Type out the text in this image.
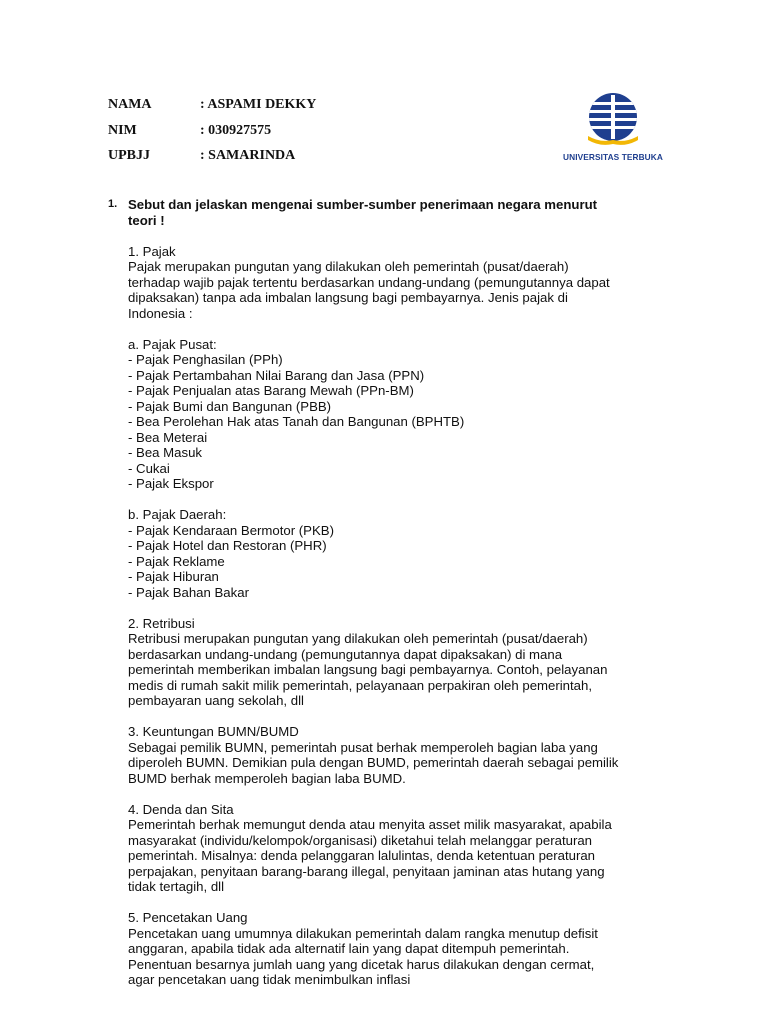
NAMA	: ASPAMI DEKKY
NIM	: 030927575
UPBJJ	: SAMARINDA	UNIVERSITAS TERBUKA
1. Sebut dan jelaskan mengenai sumber-sumber penerimaan negara menurut
teori !
1. Pajak
Pajak merupakan pungutan yang dilakukan oleh pemerintah (pusat/daerah)
terhadap wajib pajak tertentu berdasarkan undang-undang (pemungutannya dapat
dipaksakan) tanpa ada imbalan langsung bagi pembayarnya. Jenis pajak di
Indonesia :
a. Pajak Pusat:
- Pajak Penghasilan (PPh)
- Pajak Pertambahan Nilai Barang dan Jasa (PPN)
- Pajak Penjualan atas Barang Mewah (PPn-BM)
- Pajak Bumi dan Bangunan (PBB)
- Bea Perolehan Hak atas Tanah dan Bangunan (BPHTB)
- Bea Meterai
- Bea Masuk
- Cukai
- Pajak Ekspor
b. Pajak Daerah:
- Pajak Kendaraan Bermotor (PKB)
- Pajak Hotel dan Restoran (PHR)
- Pajak Reklame
- Pajak Hiburan
- Pajak Bahan Bakar
2. Retribusi
Retribusi merupakan pungutan yang dilakukan oleh pemerintah (pusat/daerah)
berdasarkan undang-undang (pemungutannya dapat dipaksakan) di mana
pemerintah memberikan imbalan langsung bagi pembayarnya. Contoh, pelayanan
medis di rumah sakit milik pemerintah, pelayanaan perpakiran oleh pemerintah,
pembayaran uang sekolah, dll
3. Keuntungan BUMN/BUMD
Sebagai pemilik BUMN, pemerintah pusat berhak memperoleh bagian laba yang
diperoleh BUMN. Demikian pula dengan BUMD, pemerintah daerah sebagai pemilik
BUMD berhak memperoleh bagian laba BUMD.
4. Denda dan Sita
Pemerintah berhak memungut denda atau menyita asset milik masyarakat, apabila
masyarakat (individu/kelompok/organisasi) diketahui telah melanggar peraturan
pemerintah. Misalnya: denda pelanggaran lalulintas, denda ketentuan peraturan
perpajakan, penyitaan barang-barang illegal, penyitaan jaminan atas hutang yang
tidak tertagih, dll
5. Pencetakan Uang
Pencetakan uang umumnya dilakukan pemerintah dalam rangka menutup defisit
anggaran, apabila tidak ada alternatif lain yang dapat ditempuh pemerintah.
Penentuan besarnya jumlah uang yang dicetak harus dilakukan dengan cermat,
agar pencetakan uang tidak menimbulkan inflasi
